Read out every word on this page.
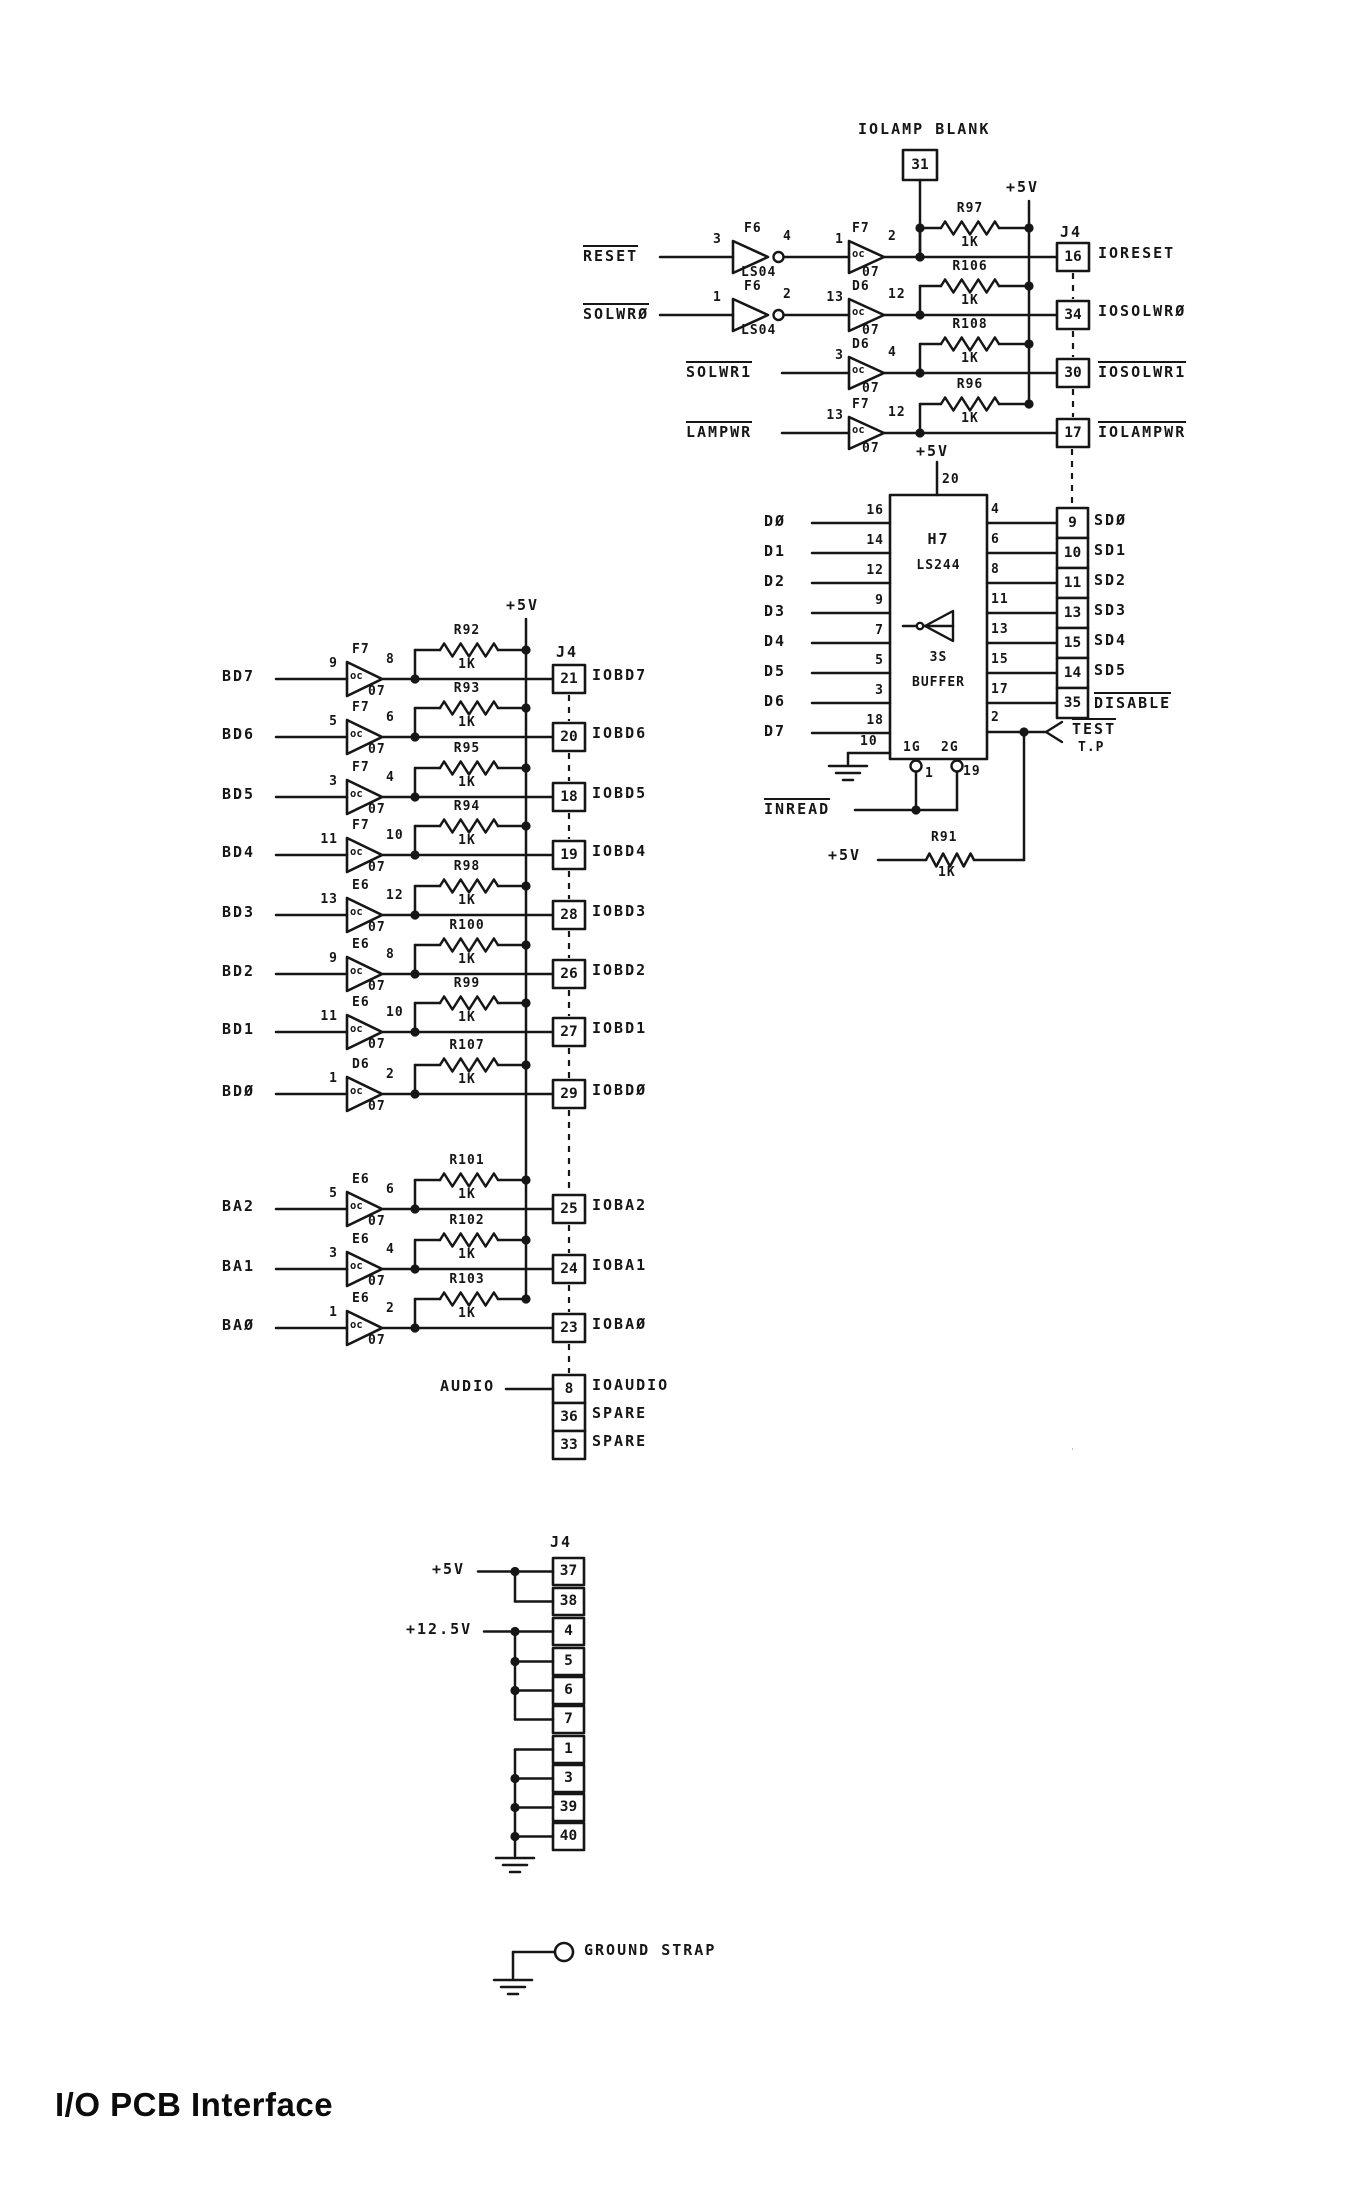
IOLAMP BLANK
31
+5V
J4
RESET
F6
LS04
3	4
oc
F7
07
1	2
R97
1K
16	IORESET
SOLWRØ
F6
LS04
1	2
oc
D6
07
13	12
R106
1K
34	IOSOLWRØ
SOLWR1	oc
D6
07
3	4
R108
1K
30	IOSOLWR1
LAMPWR	oc
F7
07
13	12
R96
1K
17	IOLAMPWR
+5V
20
H7
LS244
3S
BUFFER
DØ
16
D1
14
D2
12
D3
9
D4
7
D5
5
D6
3
D7
18
10
4
9	SDØ
6
10 SD1
8
11 SD2
11
13 SD3
13
15 SD4
15
14 SD5
17
35 DISABLE
2
TEST
T.P
1G 2G
1 19
INREAD
+5V
R91
1K
+5V
J4
BD7	oc
F7
9	8
07
R92
1K
21 IOBD7
BD6	oc
F7
5	6
07
R93
1K
20 IOBD6
BD5	oc
F7
3	4
07
R95
1K
18 IOBD5
BD4	oc
F7
11	10
07
R94
1K
19 IOBD4
BD3	oc
E6
13	12
07
R98
1K
28 IOBD3
BD2	oc
E6
9	8
07
R100
1K
26 IOBD2
BD1	oc
E6
11	10
07
R99
1K
27 IOBD1
BDØ	oc
D6
1	2
07
R107
1K
29 IOBDØ
BA2	oc
E6
5	6
07
R101
1K
25 IOBA2
BA1	oc
E6
3	4
07
R102
1K
24 IOBA1
BAØ	oc
E6
1	2
07
R103
1K
23 IOBAØ
8	IOAUDIO
AUDIO
36 SPARE
33 SPARE
J4
37
38
4
5
6
7
1
3
39
40
+5V
+12.5V
GROUND STRAP
I/O PCB Interface
